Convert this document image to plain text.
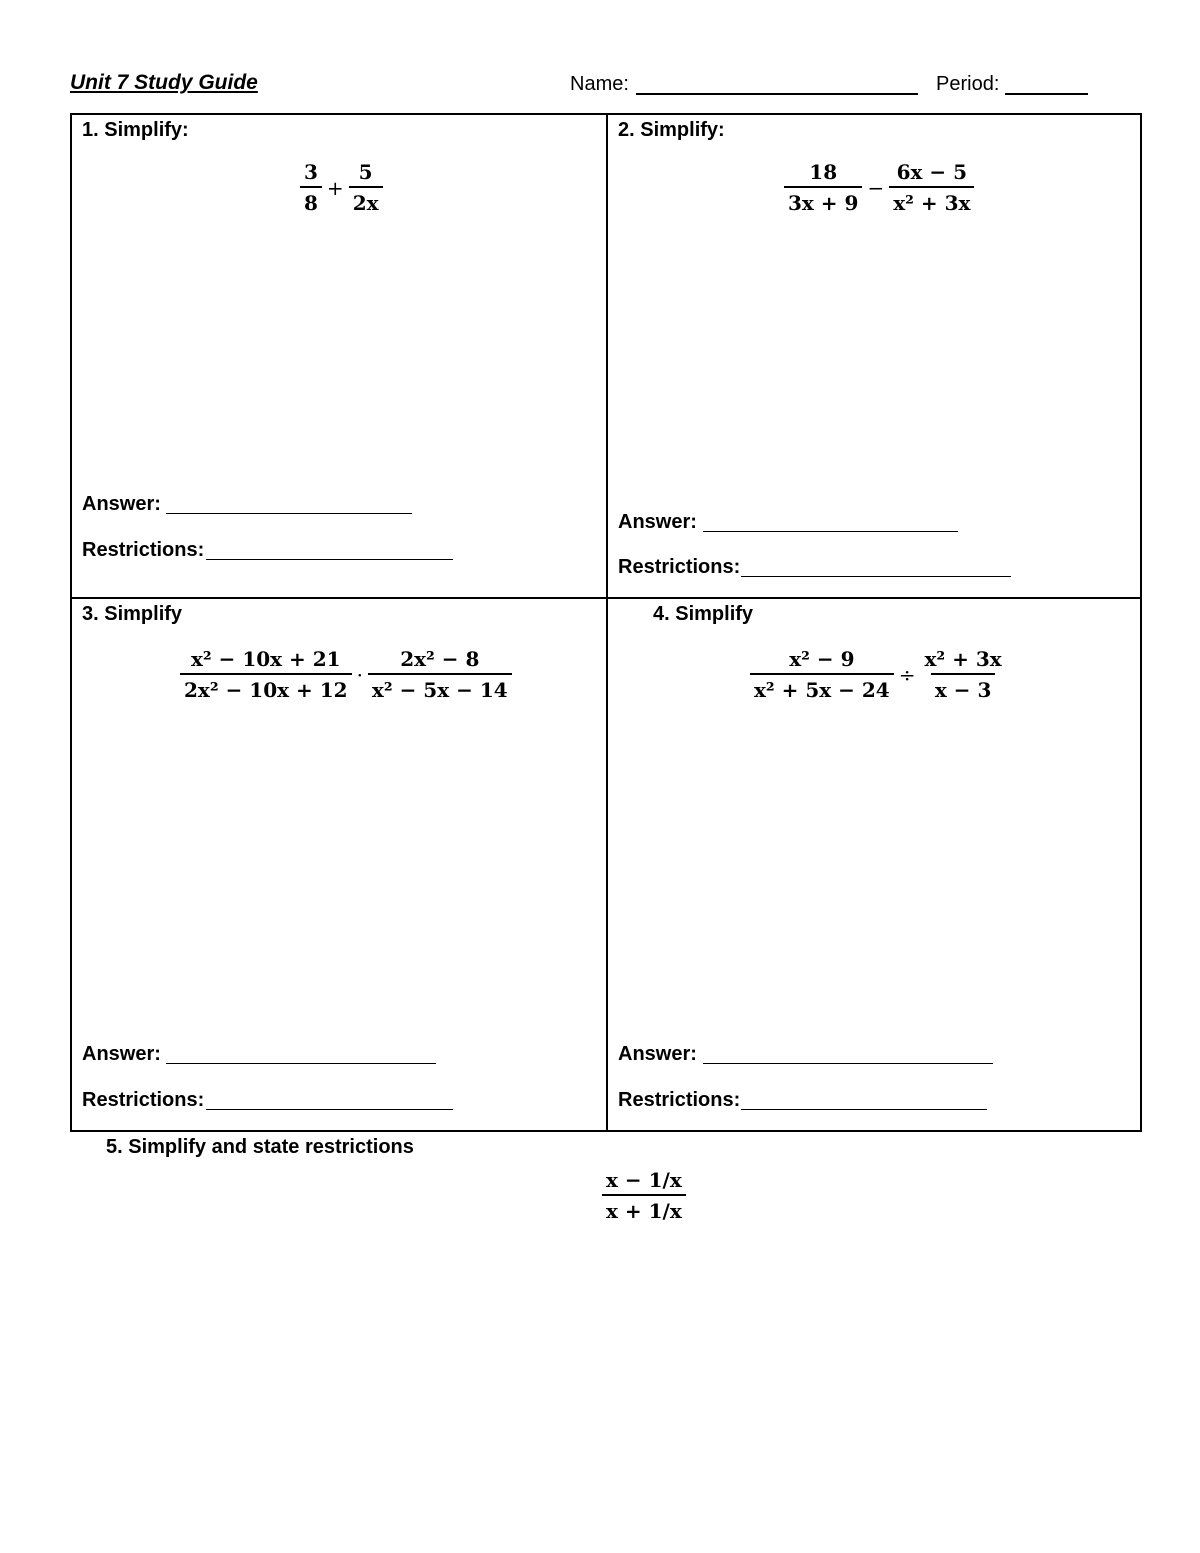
Unit 7 Study Guide	Name:	Period:
1. Simplify:
$\frac{3}{8} + \frac{5}{2x}$
Answer:
Restrictions:
2. Simplify:
$\frac{18}{3x + 9} - \frac{6x - 5}{\text{x² + 3x}}$
Answer:
Restrictions:
3. Simplify
$\frac{\text{x² − 10x + 21}}{\text{2x² − 10x + 12}} \cdot \frac{\text{2x² − 8}}{\text{x² − 5x − 14}}$
Answer:
Restrictions:
4. Simplify
$\frac{\text{x² − 9}}{\text{x² + 5x − 24}} \div \frac{\text{x² + 3x}}{x - 3}$
Answer:
Restrictions:
5. Simplify and state restrictions
$\frac{x - 1/x}{x + 1/x}$
